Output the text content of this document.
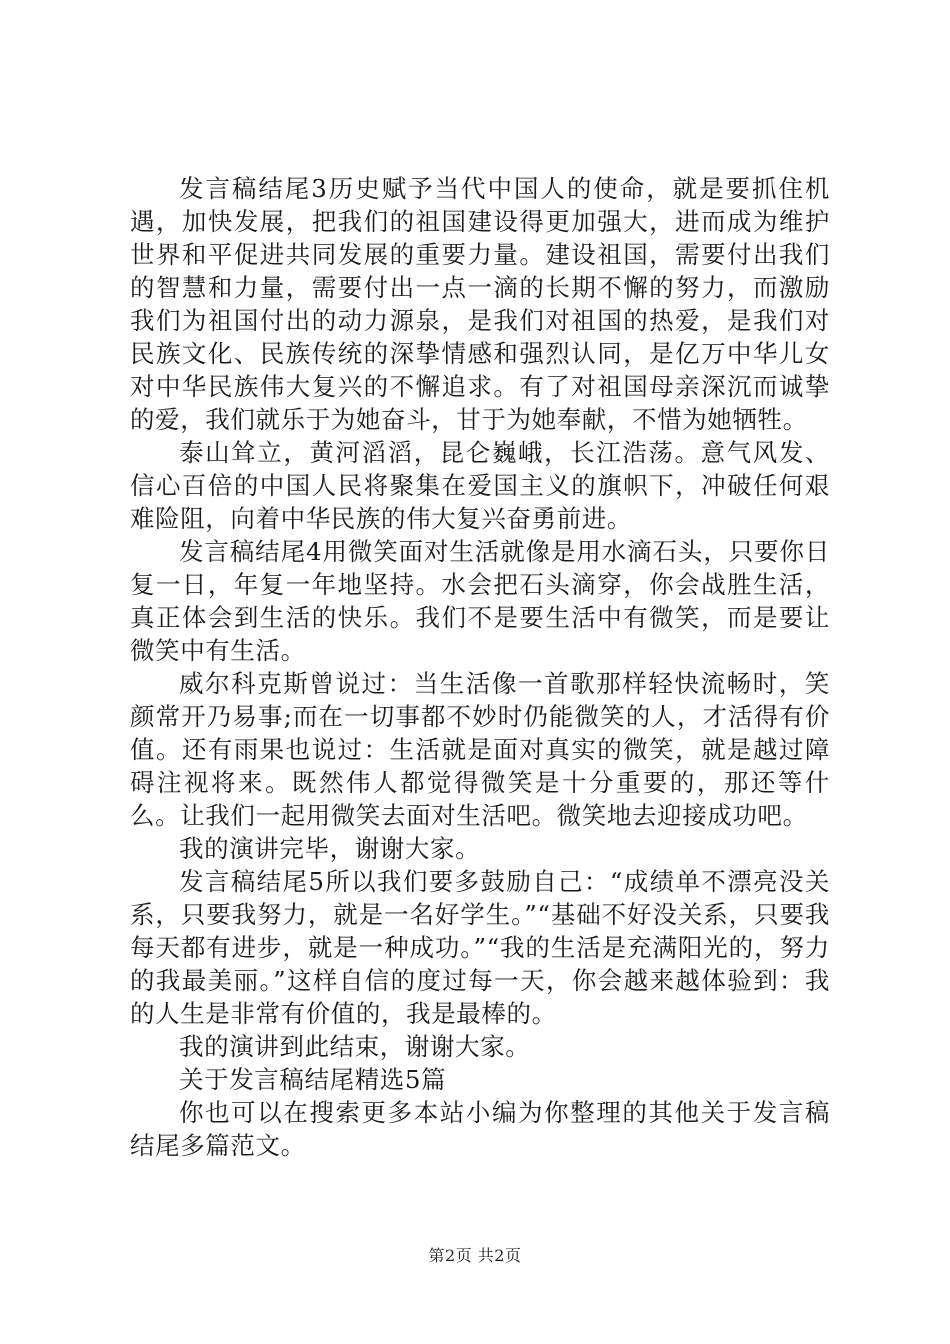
发言稿结尾3历史赋予当代中国人的使命，就是要抓住机遇，加快发展，把我们的祖国建设得更加强大，进而成为维护世界和平促进共同发展的重要力量。建设祖国，需要付出我们的智慧和力量，需要付出一点一滴的长期不懈的努力，而激励我们为祖国付出的动力源泉，是我们对祖国的热爱，是我们对民族文化、民族传统的深挚情感和强烈认同，是亿万中华儿女对中华民族伟大复兴的不懈追求。有了对祖国母亲深沉而诚挚的爱，我们就乐于为她奋斗，甘于为她奉献，不惜为她牺牲。

泰山耸立，黄河滔滔，昆仑巍峨，长江浩荡。意气风发、信心百倍的中国人民将聚集在爱国主义的旗帜下，冲破任何艰难险阻，向着中华民族的伟大复兴奋勇前进。

发言稿结尾4用微笑面对生活就像是用水滴石头，只要你日复一日，年复一年地坚持。水会把石头滴穿，你会战胜生活，真正体会到生活的快乐。我们不是要生活中有微笑，而是要让微笑中有生活。

威尔科克斯曾说过：当生活像一首歌那样轻快流畅时，笑颜常开乃易事;而在一切事都不妙时仍能微笑的人，才活得有价值。还有雨果也说过：生活就是面对真实的微笑，就是越过障碍注视将来。既然伟人都觉得微笑是十分重要的，那还等什么。让我们一起用微笑去面对生活吧。微笑地去迎接成功吧。

我的演讲完毕，谢谢大家。

发言稿结尾5所以我们要多鼓励自己：“成绩单不漂亮没关系，只要我努力，就是一名好学生。”“基础不好没关系，只要我每天都有进步，就是一种成功。”“我的生活是充满阳光的，努力的我最美丽。”这样自信的度过每一天，你会越来越体验到：我的人生是非常有价值的，我是最棒的。

我的演讲到此结束，谢谢大家。

关于发言稿结尾精选5篇

你也可以在搜索更多本站小编为你整理的其他关于发言稿结尾多篇范文。

第2页 共2页
